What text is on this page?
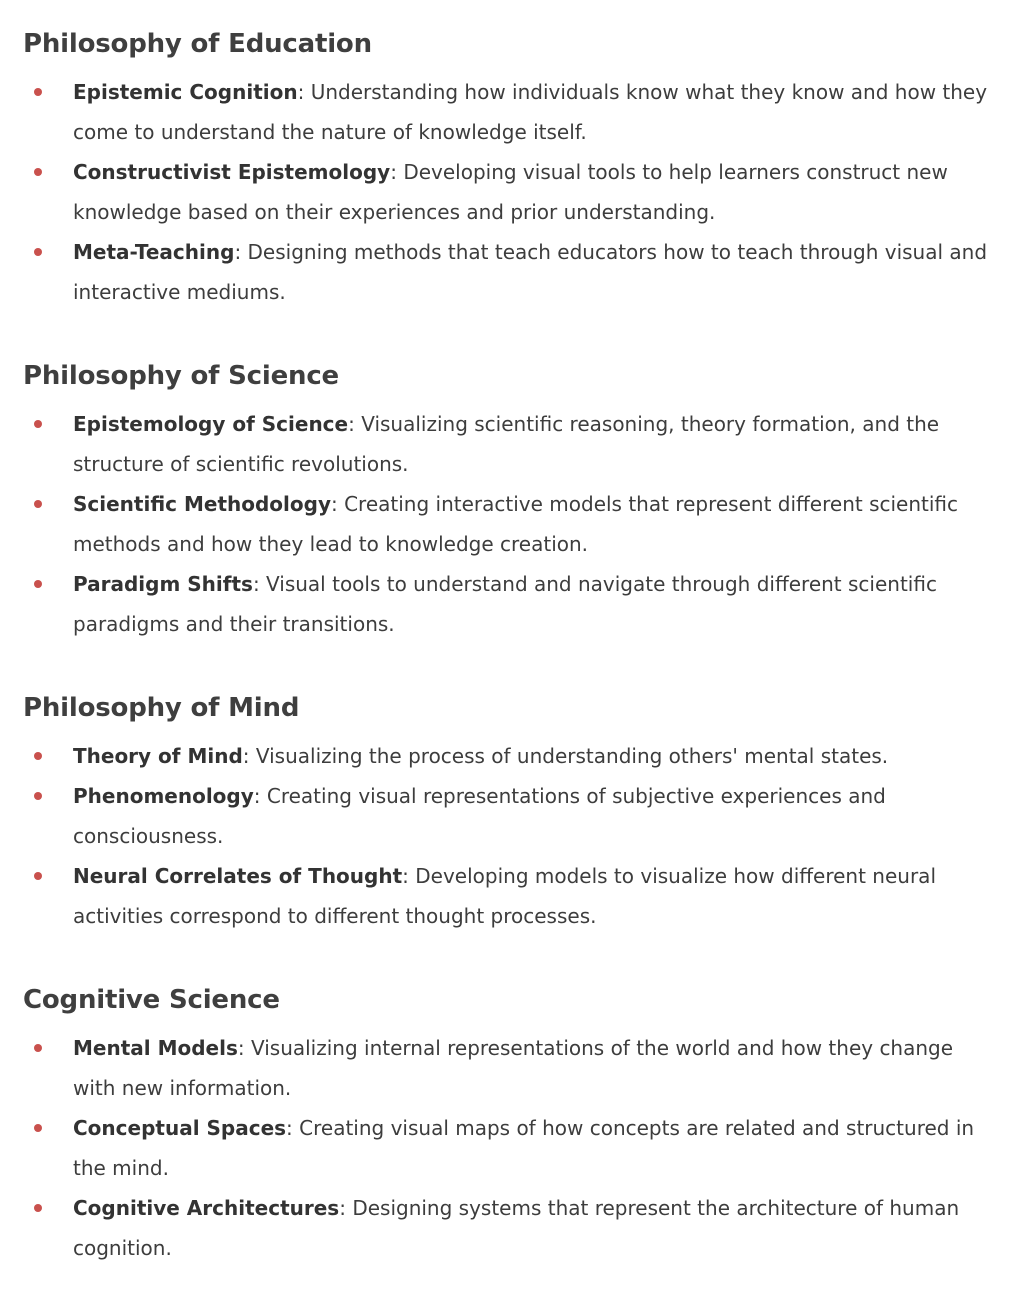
Philosophy of Education
Epistemic Cognition: Understanding how individuals know what they know and how they come to understand the nature of knowledge itself.
Constructivist Epistemology: Developing visual tools to help learners construct new knowledge based on their experiences and prior understanding.
Meta-Teaching: Designing methods that teach educators how to teach through visual and interactive mediums.
Philosophy of Science
Epistemology of Science: Visualizing scientific reasoning, theory formation, and the structure of scientific revolutions.
Scientific Methodology: Creating interactive models that represent different scientific methods and how they lead to knowledge creation.
Paradigm Shifts: Visual tools to understand and navigate through different scientific paradigms and their transitions.
Philosophy of Mind
Theory of Mind: Visualizing the process of understanding others' mental states.
Phenomenology: Creating visual representations of subjective experiences and consciousness.
Neural Correlates of Thought: Developing models to visualize how different neural activities correspond to different thought processes.
Cognitive Science
Mental Models: Visualizing internal representations of the world and how they change with new information.
Conceptual Spaces: Creating visual maps of how concepts are related and structured in the mind.
Cognitive Architectures: Designing systems that represent the architecture of human cognition.
